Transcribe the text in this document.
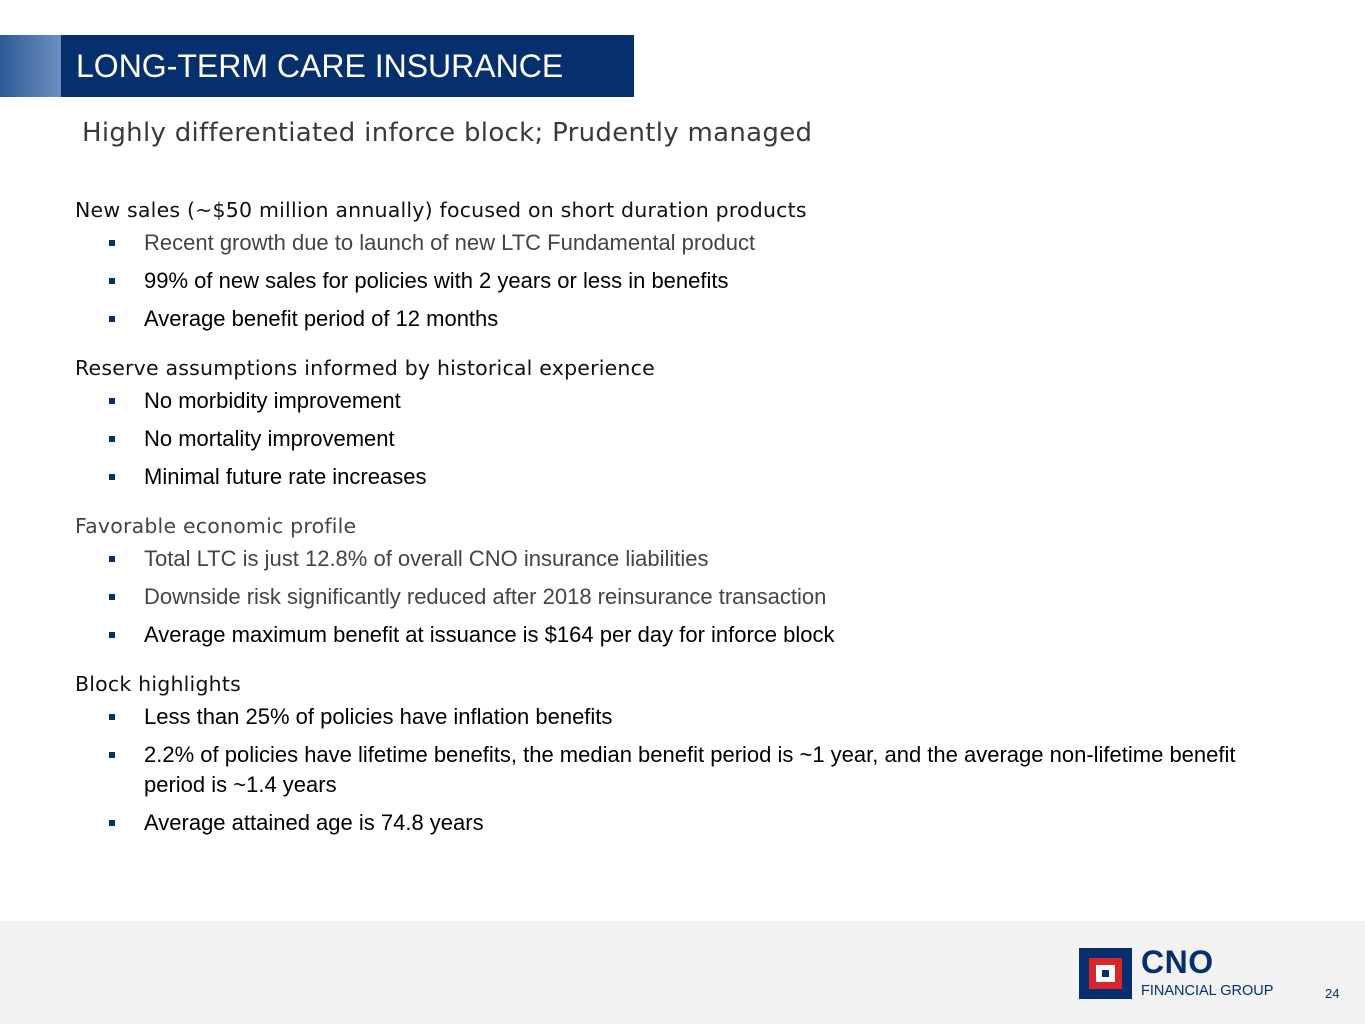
LONG-TERM CARE INSURANCE
Highly differentiated inforce block; Prudently managed
New sales (~$50 million annually) focused on short duration products
Recent growth due to launch of new LTC Fundamental product
99% of new sales for policies with 2 years or less in benefits
Average benefit period of 12 months
Reserve assumptions informed by historical experience
No morbidity improvement
No mortality improvement
Minimal future rate increases
Favorable economic profile
Total LTC is just 12.8% of overall CNO insurance liabilities
Downside risk significantly reduced after 2018 reinsurance transaction
Average maximum benefit at issuance is $164 per day for inforce block
Block highlights
Less than 25% of policies have inflation benefits
2.2% of policies have lifetime benefits, the median benefit period is ~1 year, and the average non-lifetime benefit period is ~1.4 years
Average attained age is 74.8 years
CNO
FINANCIAL GROUP	24
